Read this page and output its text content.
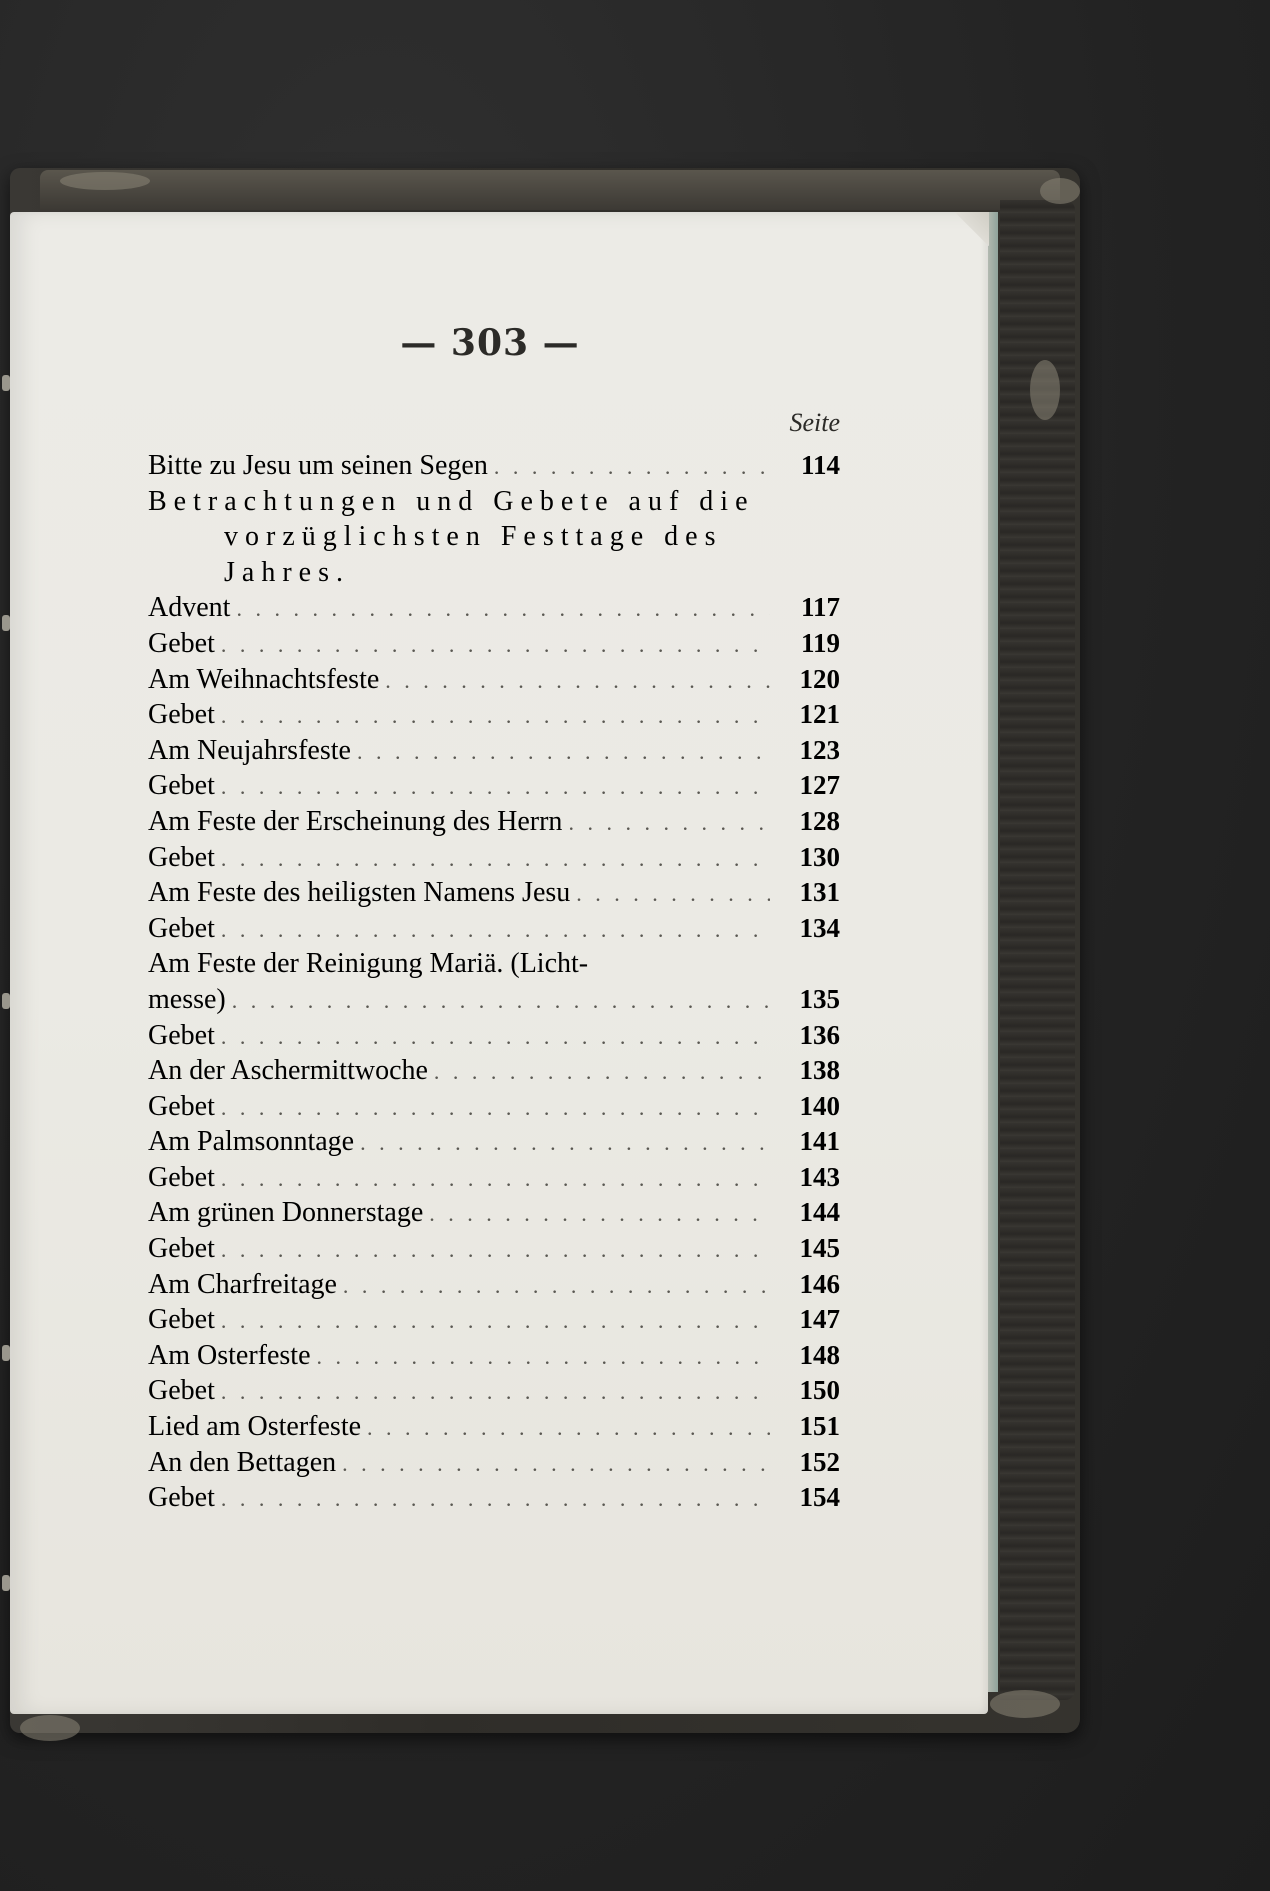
— 303 —
Seite
Bitte zu Jesu um seinen Segen . . .	114
Betrachtungen und Gebete auf die
vorzüglichsten Festtage des
Jahres.
Advent . . .	117
Gebet . . .	119
Am Weihnachtsfeste . . .	120
Gebet . . .	121
Am Neujahrsfeste . . .	123
Gebet . . .	127
Am Feste der Erscheinung des Herrn . . .	128
Gebet . . .	130
Am Feste des heiligsten Namens Jesu . . .	131
Gebet . . .	134
Am Feste der Reinigung Mariä. (Licht-
messe) . . .	135
Gebet . . .	136
An der Aschermittwoche . . .	138
Gebet . . .	140
Am Palmsonntage . . .	141
Gebet . . .	143
Am grünen Donnerstage . . .	144
Gebet . . .	145
Am Charfreitage . . .	146
Gebet . . .	147
Am Osterfeste . . .	148
Gebet . . .	150
Lied am Osterfeste . . .	151
An den Bettagen . . .	152
Gebet . . .	154
